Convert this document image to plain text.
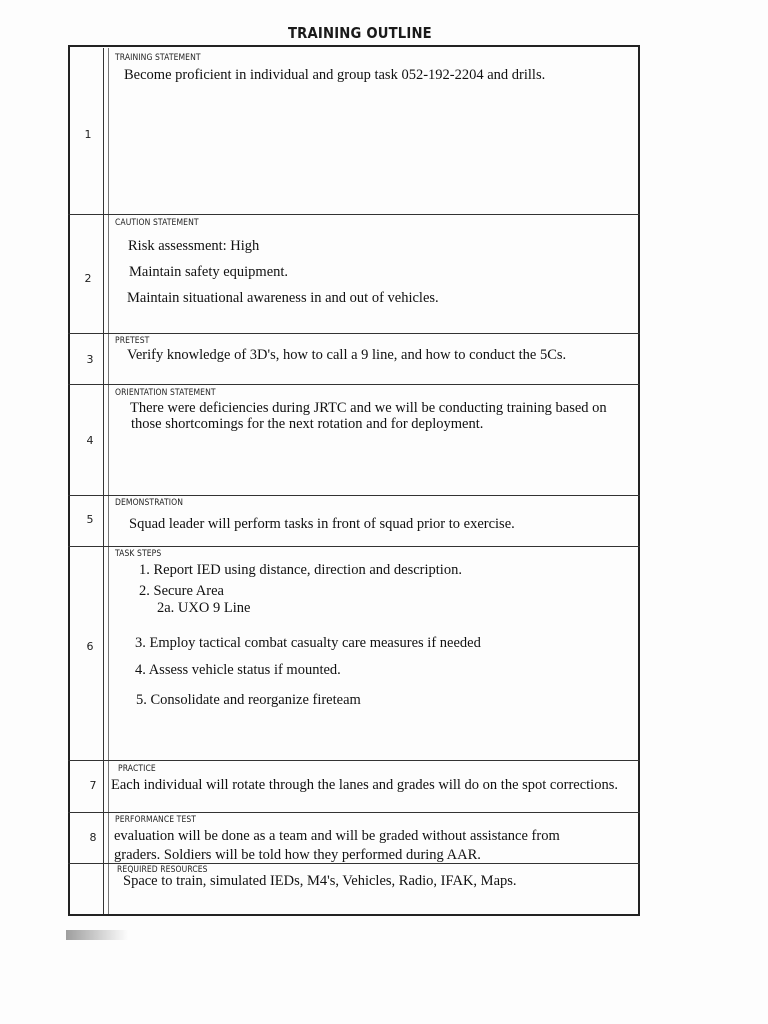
TRAINING OUTLINE
1
TRAINING STATEMENT
Become proficient in individual and group task 052-192-2204 and drills.
2
CAUTION STATEMENT
Risk assessment: High
Maintain safety equipment.
Maintain situational awareness in and out of vehicles.
3
PRETEST
Verify knowledge of 3D's, how to call a 9 line, and how to conduct the 5Cs.
4
ORIENTATION STATEMENT
There were deficiencies during JRTC and we will be conducting training based on
those shortcomings for the next rotation and for deployment.
5
DEMONSTRATION
Squad leader will perform tasks in front of squad prior to exercise.
6
TASK STEPS
1. Report IED using distance, direction and description.
2. Secure Area
2a. UXO 9 Line
3. Employ tactical combat casualty care measures if needed
4. Assess vehicle status if mounted.
5. Consolidate and reorganize fireteam
7
PRACTICE
Each individual will rotate through the lanes and grades will do on the spot corrections.
8
PERFORMANCE TEST
evaluation will be done as a team and will be graded without assistance from
graders. Soldiers will be told how they performed during AAR.
REQUIRED RESOURCES
Space to train, simulated IEDs, M4's, Vehicles, Radio, IFAK, Maps.
